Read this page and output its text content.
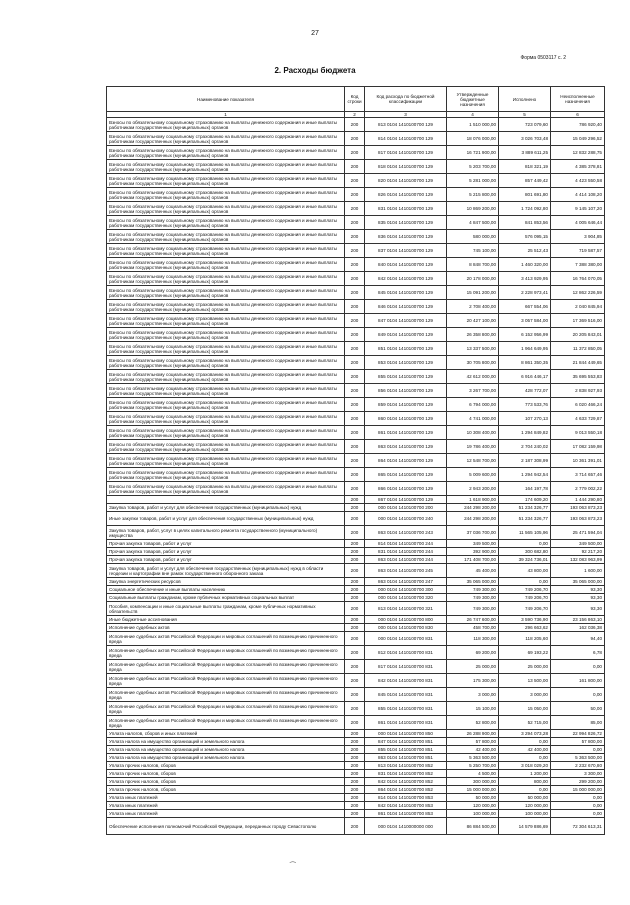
27
Форма 0503117 с. 2
2. Расходы бюджета
Наименование показателя	Код строки	Код расхода по бюджетной классификации	Утвержденные бюджетные назначения	Исполнено	Неисполненные назначения
1	2	3	4	5	6
Взносы по обязательному социальному страхованию на выплаты денежного содержания и иные выплаты работникам государственных (муниципальных) органов	200	813 0104 1410100700 129	1 510 000,00	723 079,60	786 920,40
Взносы по обязательному социальному страхованию на выплаты денежного содержания и иные выплаты работникам государственных (муниципальных) органов	200	814 0104 1410100700 129	18 076 000,00	3 026 703,48	15 049 296,52
Взносы по обязательному социальному страхованию на выплаты денежного содержания и иные выплаты работникам государственных (муниципальных) органов	200	817 0104 1410100700 129	16 721 900,00	3 889 611,25	12 832 288,75
Взносы по обязательному социальному страхованию на выплаты денежного содержания и иные выплаты работникам государственных (муниципальных) органов	200	818 0104 1410100700 129	5 203 700,00	818 321,19	4 385 378,81
Взносы по обязательному социальному страхованию на выплаты денежного содержания и иные выплаты работникам государственных (муниципальных) органов	200	820 0104 1410100700 129	5 281 000,00	857 449,42	4 423 550,58
Взносы по обязательному социальному страхованию на выплаты денежного содержания и иные выплаты работникам государственных (муниципальных) органов	200	826 0104 1410100700 129	5 215 800,00	801 691,80	4 414 108,20
Взносы по обязательному социальному страхованию на выплаты денежного содержания и иные выплаты работникам государственных (муниципальных) органов	200	831 0104 1410100700 129	10 869 200,00	1 724 092,80	9 145 107,20
Взносы по обязательному социальному страхованию на выплаты денежного содержания и иные выплаты работникам государственных (муниципальных) органов	200	835 0104 1410100700 129	4 847 500,00	841 853,56	4 005 646,44
Взносы по обязательному социальному страхованию на выплаты денежного содержания и иные выплаты работникам государственных (муниципальных) органов	200	836 0104 1410100700 129	580 000,00	576 095,15	3 904,85
Взносы по обязательному социальному страхованию на выплаты денежного содержания и иные выплаты работникам государственных (муниципальных) органов	200	837 0104 1410100700 129	745 100,00	25 512,43	719 587,57
Взносы по обязательному социальному страхованию на выплаты денежного содержания и иные выплаты работникам государственных (муниципальных) органов	200	840 0104 1410100700 129	8 848 700,00	1 460 320,00	7 388 380,00
Взносы по обязательному социальному страхованию на выплаты денежного содержания и иные выплаты работникам государственных (муниципальных) органов	200	842 0104 1410100700 129	20 178 000,00	3 413 929,95	16 764 070,05
Взносы по обязательному социальному страхованию на выплаты денежного содержания и иные выплаты работникам государственных (муниципальных) органов	200	845 0104 1410100700 129	15 091 200,00	2 228 973,41	12 862 226,59
Взносы по обязательному социальному страхованию на выплаты денежного содержания и иные выплаты работникам государственных (муниципальных) органов	200	846 0104 1410100700 129	2 708 400,00	667 554,06	2 040 845,94
Взносы по обязательному социальному страхованию на выплаты денежного содержания и иные выплаты работникам государственных (муниципальных) органов	200	847 0104 1410100700 129	20 427 100,00	3 057 584,00	17 369 516,00
Взносы по обязательному социальному страхованию на выплаты денежного содержания и иные выплаты работникам государственных (муниципальных) органов	200	849 0104 1410100700 129	26 358 800,00	6 152 956,99	20 205 843,01
Взносы по обязательному социальному страхованию на выплаты денежного содержания и иные выплаты работникам государственных (муниципальных) органов	200	851 0104 1410100700 129	13 337 500,00	1 964 649,95	11 372 850,05
Взносы по обязательному социальному страхованию на выплаты денежного содержания и иные выплаты работникам государственных (муниципальных) органов	200	853 0104 1410100700 129	30 705 800,00	8 861 350,35	21 844 449,65
Взносы по обязательному социальному страхованию на выплаты денежного содержания и иные выплаты работникам государственных (муниципальных) органов	200	855 0104 1410100700 129	42 612 000,00	6 916 446,17	35 695 553,83
Взносы по обязательному социальному страхованию на выплаты денежного содержания и иные выплаты работникам государственных (муниципальных) органов	200	856 0104 1410100700 129	3 267 700,00	428 772,07	2 838 927,93
Взносы по обязательному социальному страхованию на выплаты денежного содержания и иные выплаты работникам государственных (муниципальных) органов	200	859 0104 1410100700 129	6 794 000,00	773 533,76	6 020 466,24
Взносы по обязательному социальному страхованию на выплаты денежного содержания и иные выплаты работникам государственных (муниципальных) органов	200	860 0104 1410100700 129	4 741 000,00	107 270,13	4 633 729,87
Взносы по обязательному социальному страхованию на выплаты денежного содержания и иные выплаты работникам государственных (муниципальных) органов	200	861 0104 1410100700 129	10 308 400,00	1 294 849,82	9 013 550,18
Взносы по обязательному социальному страхованию на выплаты денежного содержания и иные выплаты работникам государственных (муниципальных) органов	200	863 0104 1410100700 129	19 786 400,00	2 704 240,02	17 082 159,98
Взносы по обязательному социальному страхованию на выплаты денежного содержания и иные выплаты работникам государственных (муниципальных) органов	200	864 0104 1410100700 129	12 548 700,00	2 187 308,99	10 361 391,01
Взносы по обязательному социальному страхованию на выплаты денежного содержания и иные выплаты работникам государственных (муниципальных) органов	200	865 0104 1410100700 129	5 009 600,00	1 294 942,54	3 714 657,46
Взносы по обязательному социальному страхованию на выплаты денежного содержания и иные выплаты работникам государственных (муниципальных) органов	200	866 0104 1410100700 129	2 943 200,00	164 197,78	2 779 002,22
	200	867 0104 1410100700 129	1 618 900,00	174 609,20	1 444 290,80
Закупка товаров, работ и услуг для обеспечения государственных (муниципальных) нужд	200	000 0104 1410100700 200	244 298 200,00	51 234 326,77	193 063 873,23
Иные закупки товаров, работ и услуг для обеспечения государственных (муниципальных) нужд	200	000 0104 1410100700 240	244 298 200,00	51 234 326,77	193 063 873,23
Закупка товаров, работ, услуг в целях капитального ремонта государственного (муниципального) имущества	200	863 0104 1410100700 243	37 036 700,00	11 565 105,96	25 471 594,04
Прочая закупка товаров, работ и услуг	200	814 0104 1410100700 244	349 500,00	0,00	349 500,00
Прочая закупка товаров, работ и услуг	200	831 0104 1410100700 244	392 900,00	300 682,80	92 217,20
Прочая закупка товаров, работ и услуг	200	863 0104 1410100700 244	171 408 700,00	39 324 736,01	132 083 963,99
Закупка товаров, работ и услуг для обеспечения государственных (муниципальных) нужд в области геодезии и картографии вне рамок государственного оборонного заказа	200	863 0104 1410100700 245	45 400,00	43 800,00	1 600,00
Закупка энергетических ресурсов	200	863 0104 1410100700 247	35 065 000,00	0,00	35 065 000,00
Социальное обеспечение и иные выплаты населению	200	000 0104 1410100700 300	749 300,00	749 206,70	93,30
Социальные выплаты гражданам, кроме публичных нормативных социальных выплат	200	000 0104 1410100700 320	749 300,00	749 206,70	93,30
Пособия, компенсации и иные социальные выплаты гражданам, кроме публичных нормативных обязательств	200	813 0104 1410100700 321	749 300,00	749 206,70	93,30
Иные бюджетные ассигнования	200	000 0104 1410100700 800	26 747 600,00	3 590 736,90	23 156 863,10
Исполнение судебных актов	200	000 0104 1410100700 830	458 700,00	296 663,62	162 036,38
Исполнение судебных актов Российской Федерации и мировых соглашений по возмещению причиненного вреда	200	000 0104 1410100700 831	118 300,00	118 205,60	94,40
Исполнение судебных актов Российской Федерации и мировых соглашений по возмещению причиненного вреда	200	812 0104 1410100700 831	69 200,00	69 193,22	6,78
Исполнение судебных актов Российской Федерации и мировых соглашений по возмещению причиненного вреда	200	817 0104 1410100700 831	25 000,00	25 000,00	0,00
Исполнение судебных актов Российской Федерации и мировых соглашений по возмещению причиненного вреда	200	842 0104 1410100700 831	175 300,00	13 500,00	161 800,00
Исполнение судебных актов Российской Федерации и мировых соглашений по возмещению причиненного вреда	200	845 0104 1410100700 831	3 000,00	3 000,00	0,00
Исполнение судебных актов Российской Федерации и мировых соглашений по возмещению причиненного вреда	200	855 0104 1410100700 831	15 100,00	15 050,00	50,00
Исполнение судебных актов Российской Федерации и мировых соглашений по возмещению причиненного вреда	200	861 0104 1410100700 831	52 800,00	52 715,00	85,00
Уплата налогов, сборов и иных платежей	200	000 0104 1410100700 850	26 288 900,00	3 294 073,28	22 994 826,72
Уплата налога на имущество организаций и земельного налога	200	847 0104 1410100700 851	57 800,00	0,00	57 800,00
Уплата налога на имущество организаций и земельного налога	200	855 0104 1410100700 851	42 400,00	42 400,00	0,00
Уплата налога на имущество организаций и земельного налога	200	863 0104 1410100700 851	5 363 500,00	0,00	5 363 500,00
Уплата прочих налогов, сборов	200	813 0104 1410100700 852	5 250 700,00	3 018 029,20	2 232 670,80
Уплата прочих налогов, сборов	200	831 0104 1410100700 852	4 500,00	1 200,00	3 300,00
Уплата прочих налогов, сборов	200	842 0104 1410100700 852	300 000,00	800,00	299 200,00
Уплата прочих налогов, сборов	200	864 0104 1410100700 852	15 000 000,00	0,00	15 000 000,00
Уплата иных платежей	200	814 0104 1410100700 853	50 000,00	50 000,00	0,00
Уплата иных платежей	200	842 0104 1410100700 853	120 000,00	120 000,00	0,00
Уплата иных платежей	200	861 0104 1410100700 853	100 000,00	100 000,00	0,00
Обеспечение исполнения полномочий Российской Федерации, переданных городу Севастополю	200	000 0104 1410000000 000	86 884 500,00	14 579 886,69	72 304 613,31
⁀
